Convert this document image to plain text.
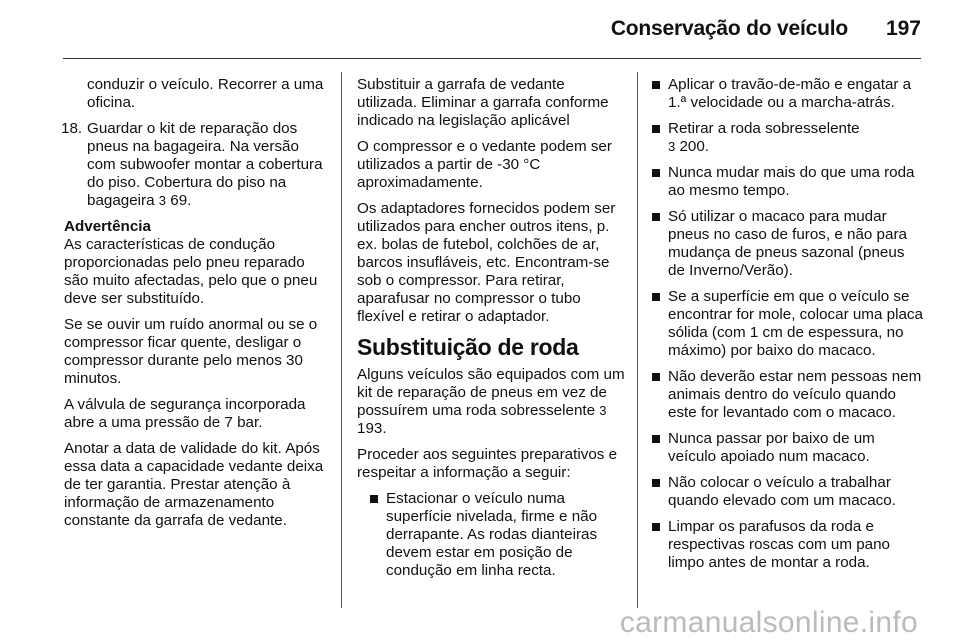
Conservação do veículo 197

conduzir o veículo. Recorrer a uma oficina.

18. Guardar o kit de reparação dos pneus na bagageira. Na versão com subwoofer montar a cobertura do piso. Cobertura do piso na bagageira 3 69.
Advertência

As características de condução proporcionadas pelo pneu reparado são muito afectadas, pelo que o pneu deve ser substituído.

Se se ouvir um ruído anormal ou se o compressor ficar quente, desligar o compressor durante pelo menos 30 minutos.

A válvula de segurança incorporada abre a uma pressão de 7 bar.

Anotar a data de validade do kit. Após essa data a capacidade vedante deixa de ter garantia. Prestar atenção à informação de armazenamento constante da garrafa de vedante.

Substituir a garrafa de vedante utilizada. Eliminar a garrafa conforme indicado na legislação aplicável

O compressor e o vedante podem ser utilizados a partir de -30 °C aproximadamente.

Os adaptadores fornecidos podem ser utilizados para encher outros itens, p. ex. bolas de futebol, colchões de ar, barcos insufláveis, etc. Encontram-se sob o compressor. Para retirar, aparafusar no compressor o tubo flexível e retirar o adaptador.

Substituição de roda

Alguns veículos são equipados com um kit de reparação de pneus em vez de possuírem uma roda sobresselente 3 193.

Proceder aos seguintes preparativos e respeitar a informação a seguir:

Estacionar o veículo numa superfície nivelada, firme e não derrapante. As rodas dianteiras devem estar em posição de condução em linha recta.
Aplicar o travão-de-mão e engatar a 1.ª velocidade ou a marcha-atrás.
Retirar a roda sobresselente
3 200.
Nunca mudar mais do que uma roda ao mesmo tempo.
Só utilizar o macaco para mudar pneus no caso de furos, e não para mudança de pneus sazonal (pneus de Inverno/Verão).
Se a superfície em que o veículo se encontrar for mole, colocar uma placa sólida (com 1 cm de espessura, no máximo) por baixo do macaco.
Não deverão estar nem pessoas nem animais dentro do veículo quando este for levantado com o macaco.
Nunca passar por baixo de um veículo apoiado num macaco.
Não colocar o veículo a trabalhar quando elevado com um macaco.
Limpar os parafusos da roda e respectivas roscas com um pano limpo antes de montar a roda.
carmanualsonline.info
